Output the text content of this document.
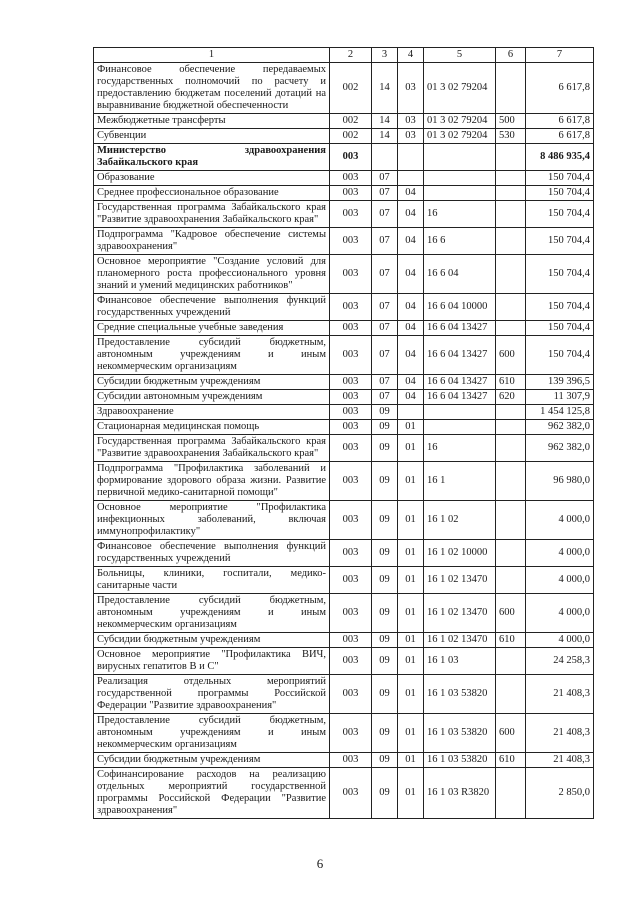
1	2	3	4	5	6	7
Финансовое обеспечение передаваемых государственных полномочий по расчету и предоставлению бюджетам поселений дотаций на выравнивание бюджетной обеспеченности	002	14	03	01 3 02 79204		6 617,8
Межбюджетные трансферты	002	14	03	01 3 02 79204	500	6 617,8
Субвенции	002	14	03	01 3 02 79204	530	6 617,8
Министерство здравоохранения Забайкальского края	003					8 486 935,4
Образование	003	07				150 704,4
Среднее профессиональное образование	003	07	04			150 704,4
Государственная программа Забайкальского края "Развитие здравоохранения Забайкальского края"	003	07	04	16		150 704,4
Подпрограмма "Кадровое обеспечение системы здравоохранения"	003	07	04	16 6		150 704,4
Основное мероприятие "Создание условий для планомерного роста профессионального уровня знаний и умений медицинских работников"	003	07	04	16 6 04		150 704,4
Финансовое обеспечение выполнения функций государственных учреждений	003	07	04	16 6 04 10000		150 704,4
Средние специальные учебные заведения	003	07	04	16 6 04 13427		150 704,4
Предоставление субсидий бюджетным, автономным учреждениям и иным некоммерческим организациям	003	07	04	16 6 04 13427	600	150 704,4
Субсидии бюджетным учреждениям	003	07	04	16 6 04 13427	610	139 396,5
Субсидии автономным учреждениям	003	07	04	16 6 04 13427	620	11 307,9
Здравоохранение	003	09				1 454 125,8
Стационарная медицинская помощь	003	09	01			962 382,0
Государственная программа Забайкальского края "Развитие здравоохранения Забайкальского края"	003	09	01	16		962 382,0
Подпрограмма "Профилактика заболеваний и формирование здорового образа жизни. Развитие первичной медико-санитарной помощи"	003	09	01	16 1		96 980,0
Основное мероприятие "Профилактика инфекционных заболеваний, включая иммунопрофилактику"	003	09	01	16 1 02		4 000,0
Финансовое обеспечение выполнения функций государственных учреждений	003	09	01	16 1 02 10000		4 000,0
Больницы, клиники, госпитали, медико-санитарные части	003	09	01	16 1 02 13470		4 000,0
Предоставление субсидий бюджетным, автономным учреждениям и иным некоммерческим организациям	003	09	01	16 1 02 13470	600	4 000,0
Субсидии бюджетным учреждениям	003	09	01	16 1 02 13470	610	4 000,0
Основное мероприятие "Профилактика ВИЧ, вирусных гепатитов В и С"	003	09	01	16 1 03		24 258,3
Реализация отдельных мероприятий государственной программы Российской Федерации "Развитие здравоохранения"	003	09	01	16 1 03 53820		21 408,3
Предоставление субсидий бюджетным, автономным учреждениям и иным некоммерческим организациям	003	09	01	16 1 03 53820	600	21 408,3
Субсидии бюджетным учреждениям	003	09	01	16 1 03 53820	610	21 408,3
Софинансирование расходов на реализацию отдельных мероприятий государственной программы Российской Федерации "Развитие здравоохранения"	003	09	01	16 1 03 R3820		2 850,0
6
